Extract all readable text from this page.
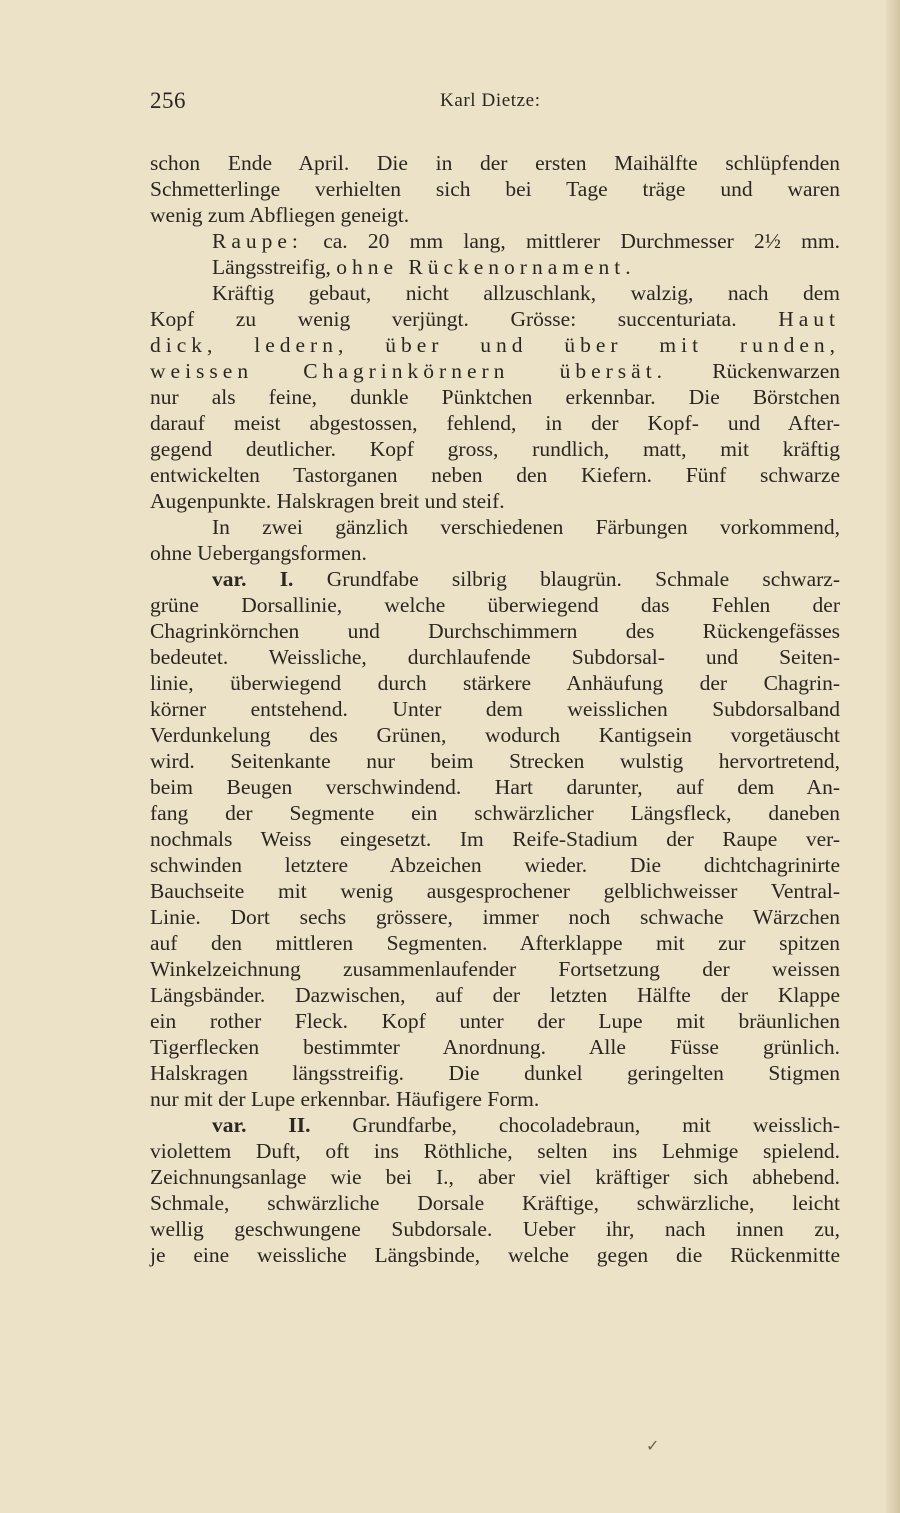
256	Karl Dietze:
schon Ende April. Die in der ersten Maihälfte schlüpfenden
Schmetterlinge verhielten sich bei Tage träge und waren
wenig zum Abfliegen geneigt.
Raupe: ca. 20 mm lang, mittlerer Durchmesser 2½ mm.
Längsstreifig, ohne Rückenornament.
Kräftig gebaut, nicht allzuschlank, walzig, nach dem
Kopf zu wenig verjüngt. Grösse: succenturiata. Haut
dick, ledern, über und über mit runden,
weissen Chagrinkörnern übersät. Rückenwarzen
nur als feine, dunkle Pünktchen erkennbar. Die Börstchen
darauf meist abgestossen, fehlend, in der Kopf- und After-
gegend deutlicher. Kopf gross, rundlich, matt, mit kräftig
entwickelten Tastorganen neben den Kiefern. Fünf schwarze
Augenpunkte. Halskragen breit und steif.
In zwei gänzlich verschiedenen Färbungen vorkommend,
ohne Uebergangsformen.
var. I. Grundfabe silbrig blaugrün. Schmale schwarz-
grüne Dorsallinie, welche überwiegend das Fehlen der
Chagrinkörnchen und Durchschimmern des Rückengefässes
bedeutet. Weissliche, durchlaufende Subdorsal- und Seiten-
linie, überwiegend durch stärkere Anhäufung der Chagrin-
körner entstehend. Unter dem weisslichen Subdorsalband
Verdunkelung des Grünen, wodurch Kantigsein vorgetäuscht
wird. Seitenkante nur beim Strecken wulstig hervortretend,
beim Beugen verschwindend. Hart darunter, auf dem An-
fang der Segmente ein schwärzlicher Längsfleck, daneben
nochmals Weiss eingesetzt. Im Reife-Stadium der Raupe ver-
schwinden letztere Abzeichen wieder. Die dichtchagrinirte
Bauchseite mit wenig ausgesprochener gelblichweisser Ventral-
Linie. Dort sechs grössere, immer noch schwache Wärzchen
auf den mittleren Segmenten. Afterklappe mit zur spitzen
Winkelzeichnung zusammenlaufender Fortsetzung der weissen
Längsbänder. Dazwischen, auf der letzten Hälfte der Klappe
ein rother Fleck. Kopf unter der Lupe mit bräunlichen
Tigerflecken bestimmter Anordnung. Alle Füsse grünlich.
Halskragen längsstreifig. Die dunkel geringelten Stigmen
nur mit der Lupe erkennbar. Häufigere Form.
var. II. Grundfarbe, chocoladebraun, mit weisslich-
violettem Duft, oft ins Röthliche, selten ins Lehmige spielend.
Zeichnungsanlage wie bei I., aber viel kräftiger sich abhebend.
Schmale, schwärzliche Dorsale Kräftige, schwärzliche, leicht
wellig geschwungene Subdorsale. Ueber ihr, nach innen zu,
je eine weissliche Längsbinde, welche gegen die Rückenmitte
✓
